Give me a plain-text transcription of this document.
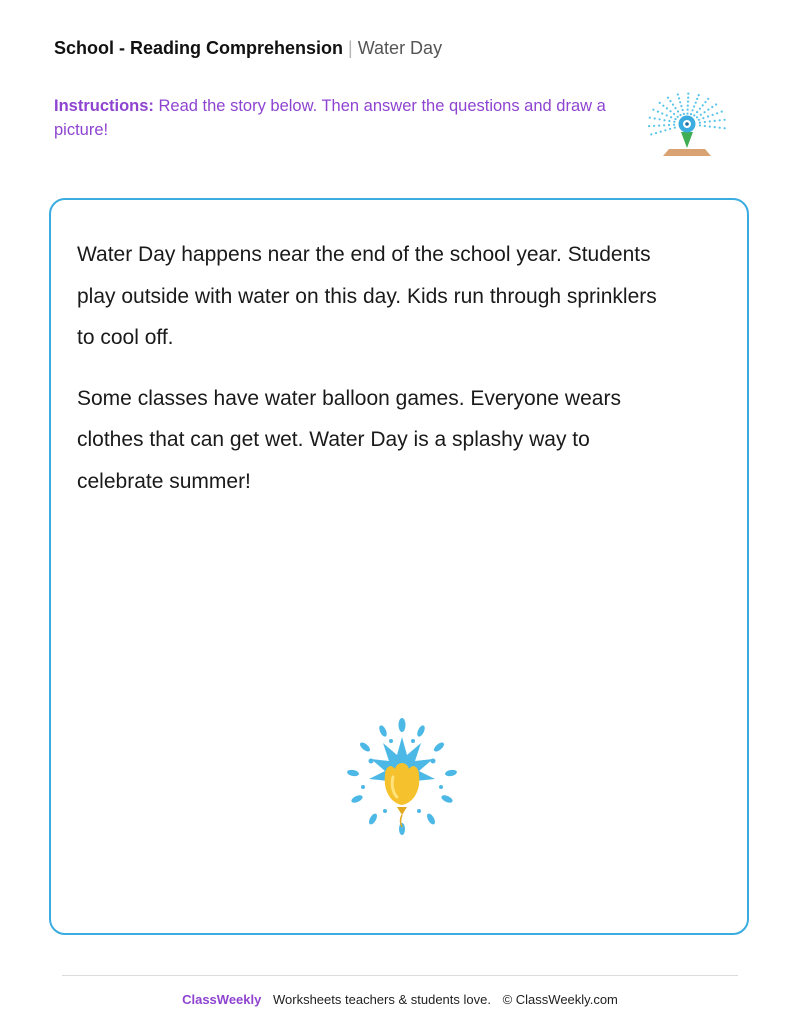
School - Reading Comprehension | Water Day
Instructions: Read the story below. Then answer the questions and draw a picture!

Water Day happens near the end of the school year. Students play outside with water on this day. Kids run through sprinklers to cool off.

Some classes have water balloon games. Everyone wears clothes that can get wet. Water Day is a splashy way to celebrate summer!

ClassWeekly Worksheets teachers & students love. © ClassWeekly.com
